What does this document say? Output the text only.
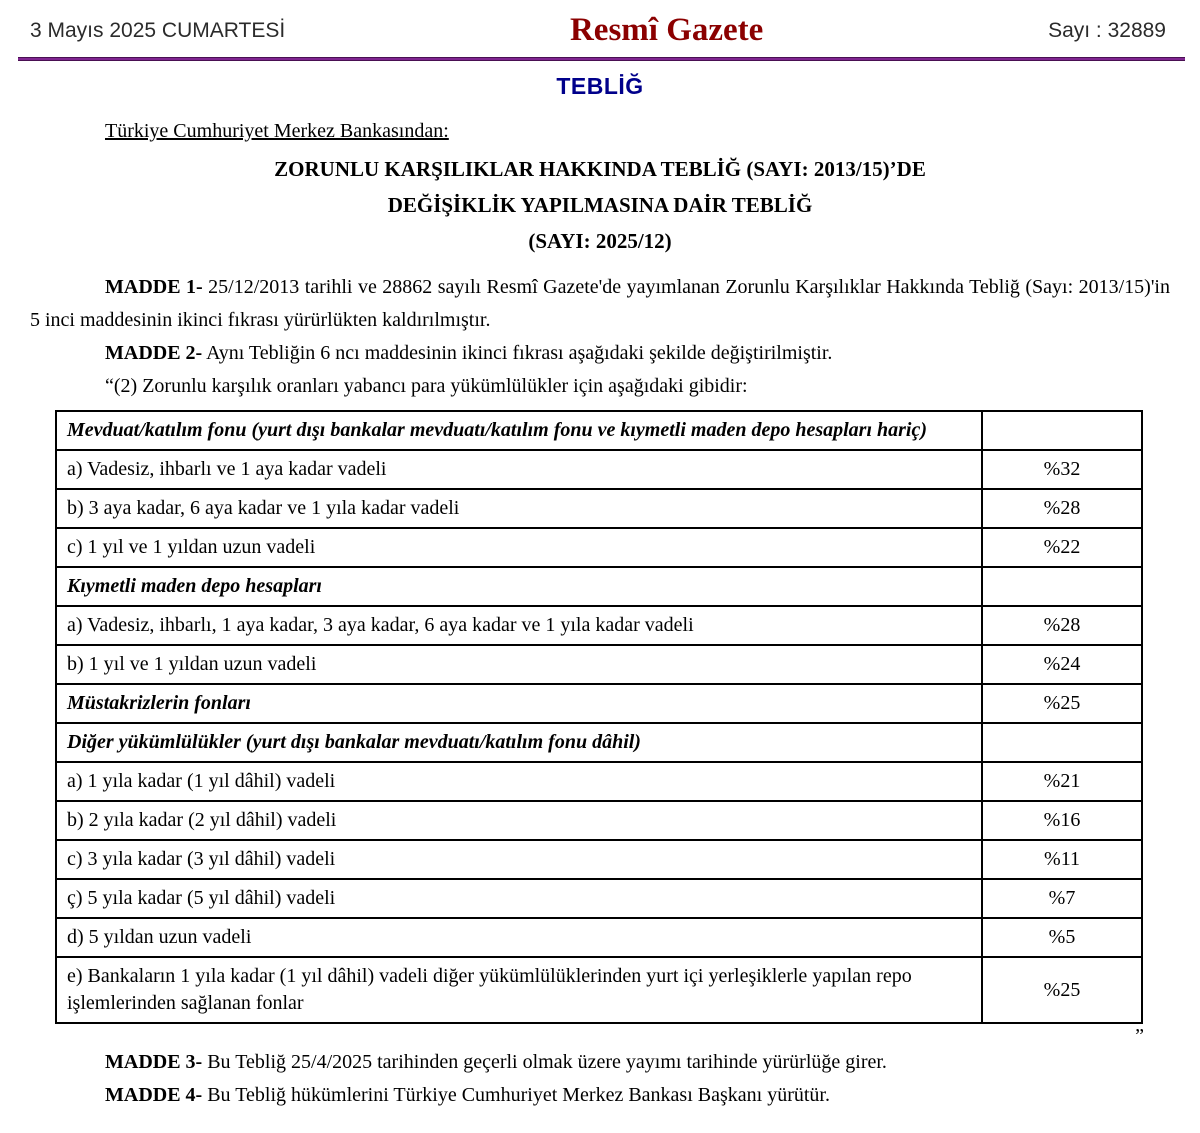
3 Mayıs 2025 CUMARTESİ	Resmî Gazete	Sayı : 32889
TEBLİĞ

Türkiye Cumhuriyet Merkez Bankasından:

ZORUNLU KARŞILIKLAR HAKKINDA TEBLİĞ (SAYI: 2013/15)’DE
DEĞİŞİKLİK YAPILMASINA DAİR TEBLİĞ
(SAYI: 2025/12)

MADDE 1- 25/12/2013 tarihli ve 28862 sayılı Resmî Gazete'de yayımlanan Zorunlu Karşılıklar Hakkında Tebliğ (Sayı: 2013/15)'in 5 inci maddesinin ikinci fıkrası yürürlükten kaldırılmıştır.

MADDE 2- Aynı Tebliğin 6 ncı maddesinin ikinci fıkrası aşağıdaki şekilde değiştirilmiştir.

“(2) Zorunlu karşılık oranları yabancı para yükümlülükler için aşağıdaki gibidir:

Mevduat/katılım fonu (yurt dışı bankalar mevduatı/katılım fonu ve kıymetli maden depo hesapları hariç)	
a) Vadesiz, ihbarlı ve 1 aya kadar vadeli	%32
b) 3 aya kadar, 6 aya kadar ve 1 yıla kadar vadeli	%28
c) 1 yıl ve 1 yıldan uzun vadeli	%22
Kıymetli maden depo hesapları	
a) Vadesiz, ihbarlı, 1 aya kadar, 3 aya kadar, 6 aya kadar ve 1 yıla kadar vadeli	%28
b) 1 yıl ve 1 yıldan uzun vadeli	%24
Müstakrizlerin fonları	%25
Diğer yükümlülükler (yurt dışı bankalar mevduatı/katılım fonu dâhil)	
a) 1 yıla kadar (1 yıl dâhil) vadeli	%21
b) 2 yıla kadar (2 yıl dâhil) vadeli	%16
c) 3 yıla kadar (3 yıl dâhil) vadeli	%11
ç) 5 yıla kadar (5 yıl dâhil) vadeli	%7
d) 5 yıldan uzun vadeli	%5
e) Bankaların 1 yıla kadar (1 yıl dâhil) vadeli diğer yükümlülüklerinden yurt içi yerleşiklerle yapılan repo işlemlerinden sağlanan fonlar	%25
”

MADDE 3- Bu Tebliğ 25/4/2025 tarihinden geçerli olmak üzere yayımı tarihinde yürürlüğe girer.

MADDE 4- Bu Tebliğ hükümlerini Türkiye Cumhuriyet Merkez Bankası Başkanı yürütür.
